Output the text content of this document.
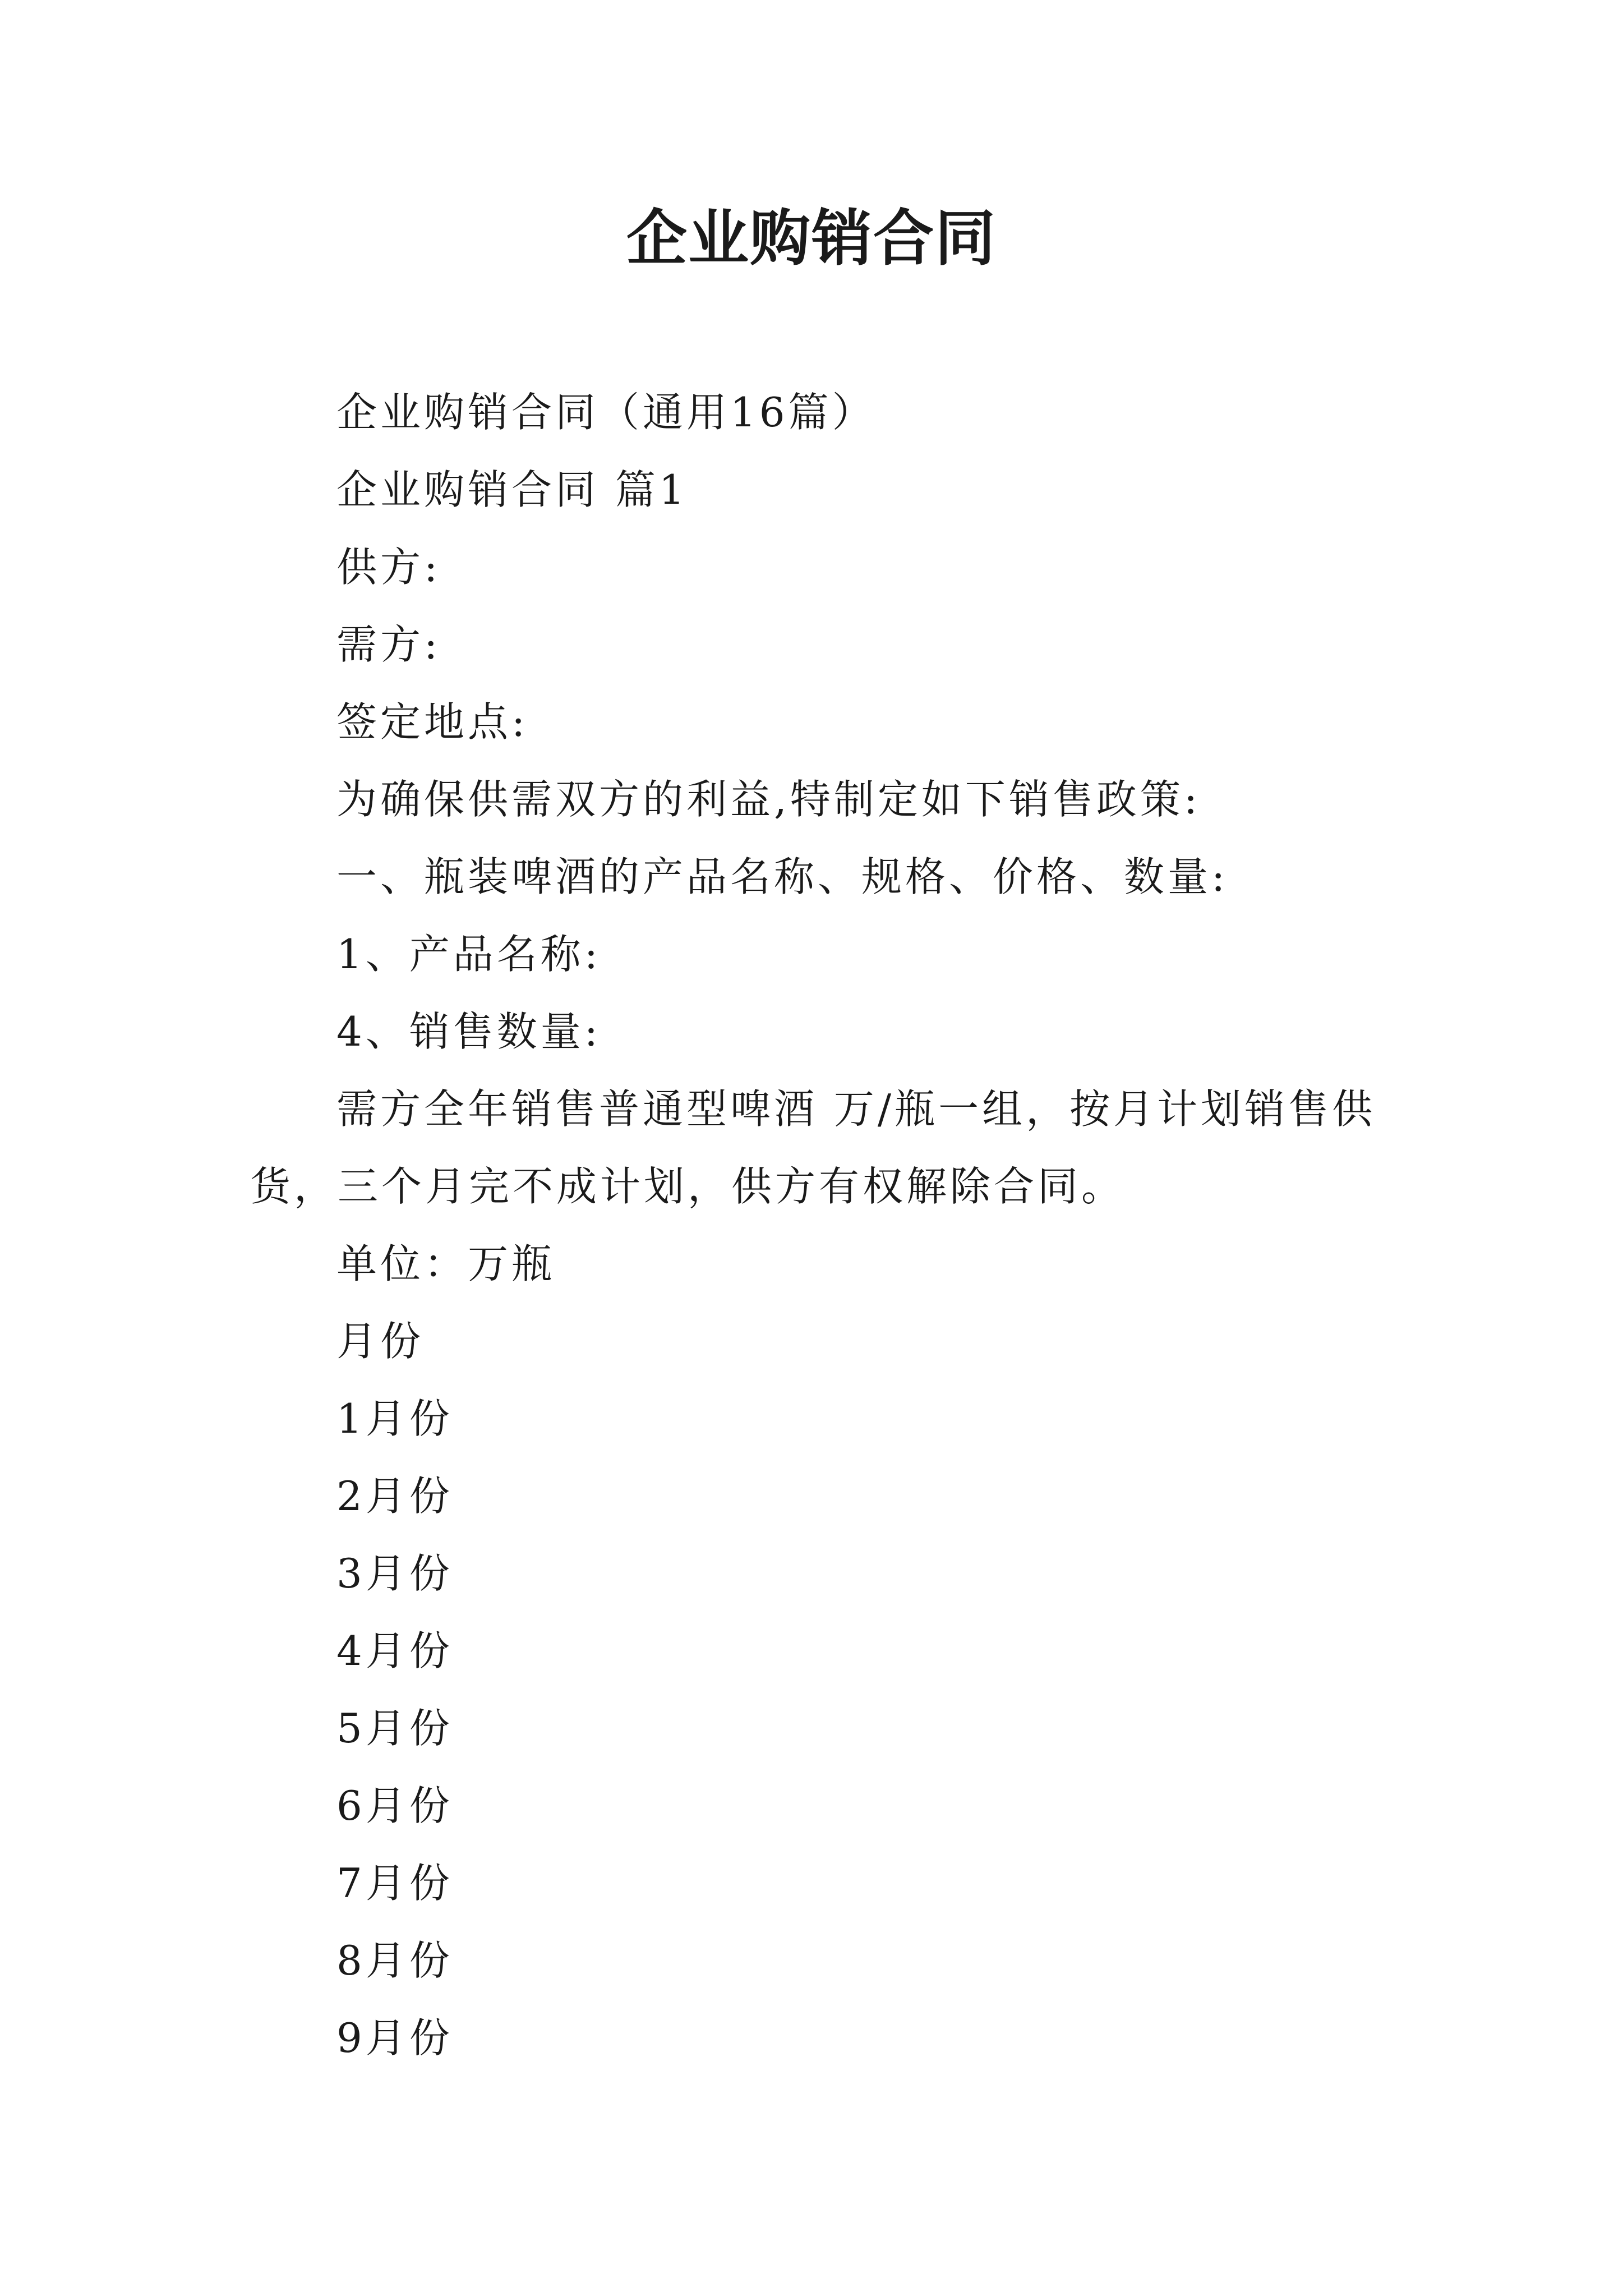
企业购销合同

企业购销合同（通用16篇）

企业购销合同 篇1

供方:

需方:

签定地点:

为确保供需双方的利益,特制定如下销售政策:

一、瓶装啤酒的产品名称、规格、价格、数量:

1、产品名称:

4、销售数量:

需方全年销售普通型啤酒 万/瓶一组，按月计划销售供货，三个月完不成计划，供方有权解除合同。

单位：万瓶

月份

1月份

2月份

3月份

4月份

5月份

6月份

7月份

8月份

9月份
